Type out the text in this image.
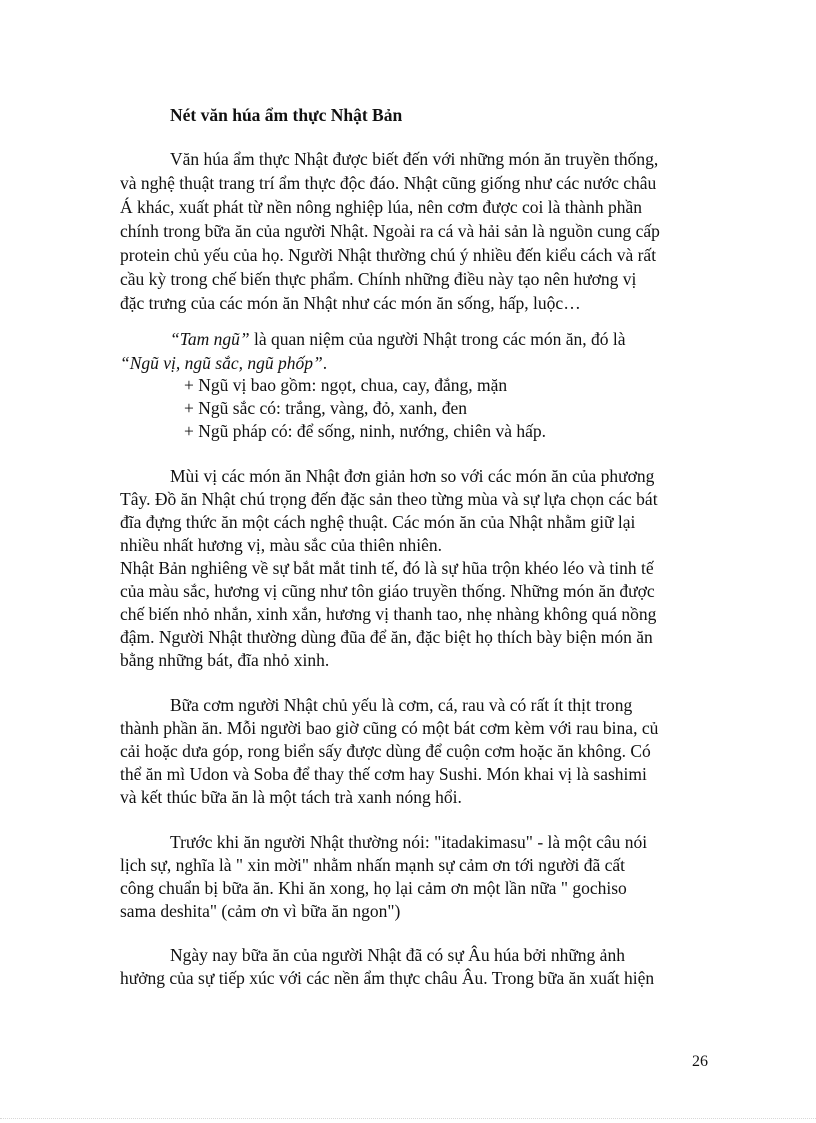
Nét văn húa ẩm thực Nhật Bản
Văn húa ẩm thực Nhật được biết đến với những món ăn truyền thống,
và nghệ thuật trang trí ẩm thực độc đáo. Nhật cũng giống như các nước châu
Á khác, xuất phát từ nền nông nghiệp lúa, nên cơm được coi là thành phần
chính trong bữa ăn của người Nhật. Ngoài ra cá và hải sản là nguồn cung cấp
protein chủ yếu của họ. Người Nhật thường chú ý nhiều đến kiểu cách và rất
cầu kỳ trong chế biến thực phẩm. Chính những điều này tạo nên hương vị
đặc trưng của các món ăn Nhật như các món ăn sống, hấp, luộc…
“Tam ngũ” là quan niệm của người Nhật trong các món ăn, đó là
“Ngũ vị, ngũ sắc, ngũ phốp”.
+ Ngũ vị bao gồm: ngọt, chua, cay, đắng, mặn
+ Ngũ sắc có: trắng, vàng, đỏ, xanh, đen
+ Ngũ pháp có: để sống, ninh, nướng, chiên và hấp.
Mùi vị các món ăn Nhật đơn giản hơn so với các món ăn của phương
Tây. Đồ ăn Nhật chú trọng đến đặc sản theo từng mùa và sự lựa chọn các bát
đĩa đựng thức ăn một cách nghệ thuật. Các món ăn của Nhật nhằm giữ lại
nhiều nhất hương vị, màu sắc của thiên nhiên.
Nhật Bản nghiêng về sự bắt mắt tinh tế, đó là sự hũa trộn khéo léo và tinh tế
của màu sắc, hương vị cũng như tôn giáo truyền thống. Những món ăn được
chế biến nhỏ nhắn, xinh xắn, hương vị thanh tao, nhẹ nhàng không quá nồng
đậm. Người Nhật thường dùng đũa để ăn, đặc biệt họ thích bày biện món ăn
bằng những bát, đĩa nhỏ xinh.
Bữa cơm người Nhật chủ yếu là cơm, cá, rau và có rất ít thịt trong
thành phần ăn. Mỗi người bao giờ cũng có một bát cơm kèm với rau bina, củ
cải hoặc dưa góp, rong biển sấy được dùng để cuộn cơm hoặc ăn không. Có
thể ăn mì Udon và Soba để thay thế cơm hay Sushi. Món khai vị là sashimi
và kết thúc bữa ăn là một tách trà xanh nóng hổi.
Trước khi ăn người Nhật thường nói: "itadakimasu" - là một câu nói
lịch sự, nghĩa là " xin mời" nhằm nhấn mạnh sự cảm ơn tới người đã cất
công chuẩn bị bữa ăn. Khi ăn xong, họ lại cảm ơn một lần nữa " gochiso
sama deshita" (cảm ơn vì bữa ăn ngon")
Ngày nay bữa ăn của người Nhật đã có sự Âu húa bởi những ảnh
hưởng của sự tiếp xúc với các nền ẩm thực châu Âu. Trong bữa ăn xuất hiện
26
